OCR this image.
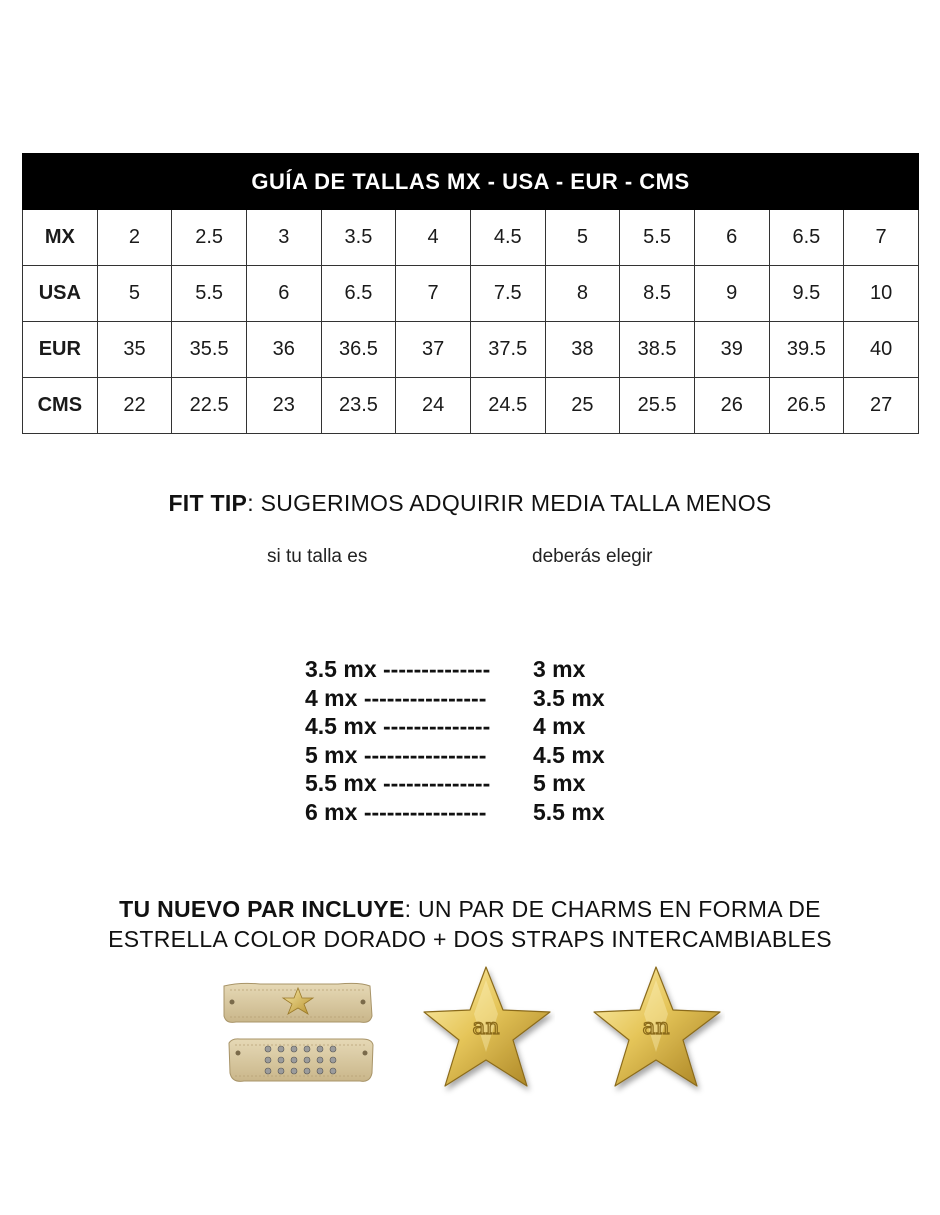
GUÍA DE TALLAS MX - USA - EUR - CMS											
MX	2	2.5	3	3.5	4	4.5	5	5.5	6	6.5	7
USA	5	5.5	6	6.5	7	7.5	8	8.5	9	9.5	10
EUR	35	35.5	36	36.5	37	37.5	38	38.5	39	39.5	40
CMS	22	22.5	23	23.5	24	24.5	25	25.5	26	26.5	27
FIT TIP: SUGERIMOS ADQUIRIR MEDIA TALLA MENOS
si tu talla es	deberás elegir
3.5 mx -------------- 3 mx
4 mx ---------------- 3.5 mx
4.5 mx -------------- 4 mx
5 mx ---------------- 4.5 mx
5.5 mx -------------- 5 mx
6 mx ---------------- 5.5 mx
TU NUEVO PAR INCLUYE: UN PAR DE CHARMS EN FORMA DE
ESTRELLA COLOR DORADO + DOS STRAPS INTERCAMBIABLES
an	an
